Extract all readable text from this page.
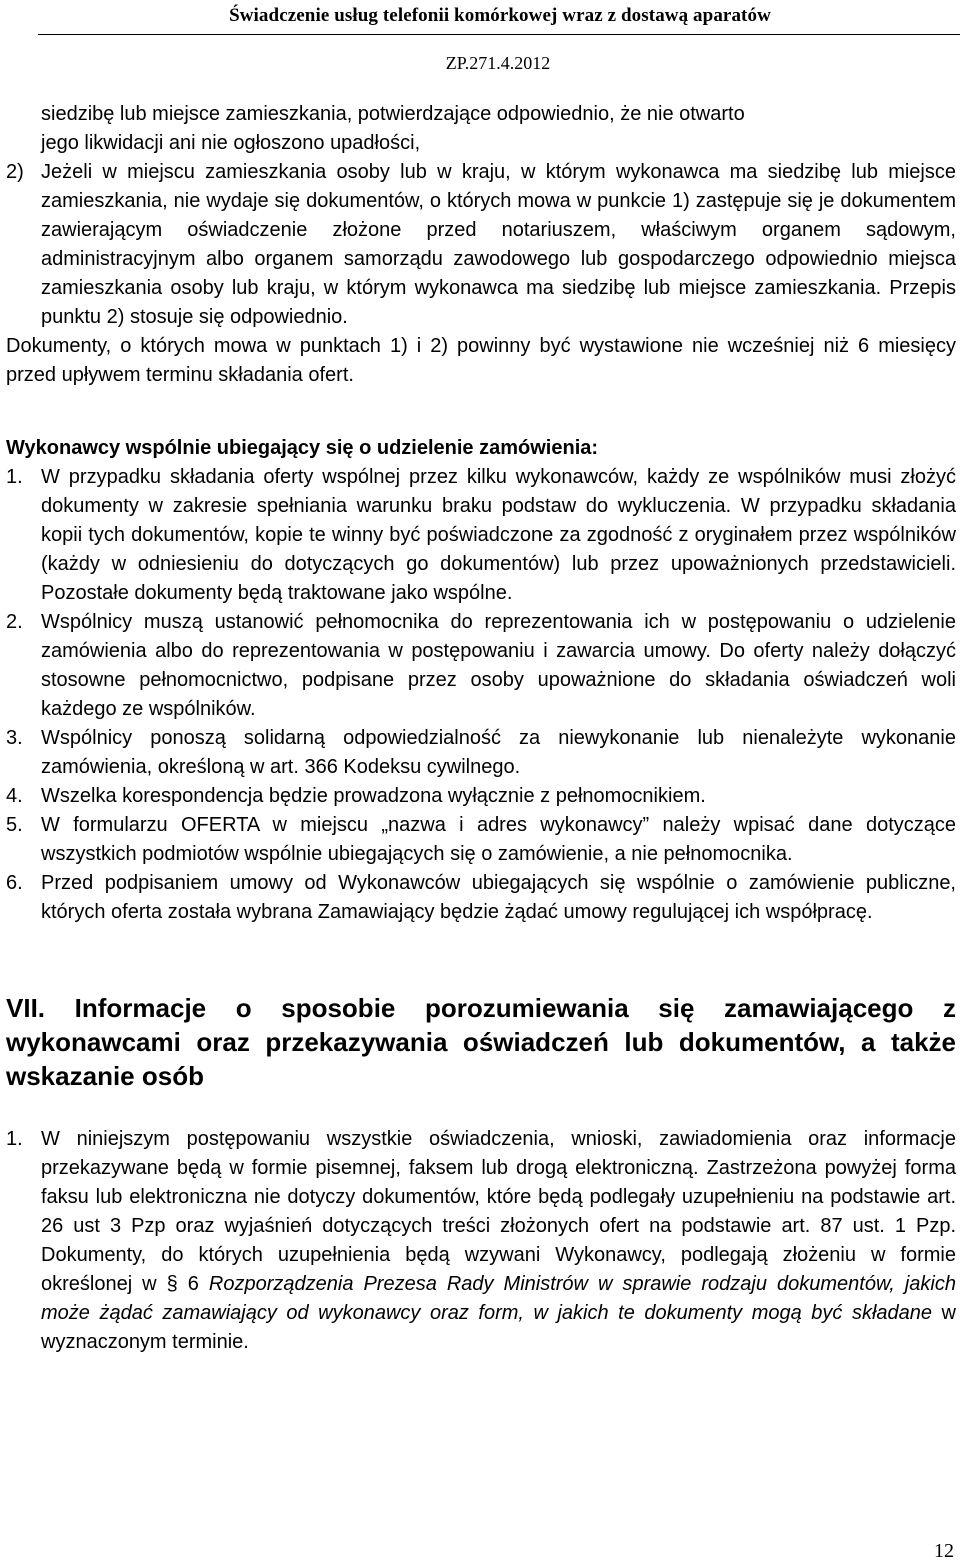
Świadczenie usług telefonii komórkowej wraz z dostawą aparatów
ZP.271.4.2012

siedzibę lub miejsce zamieszkania, potwierdzające odpowiednio, że nie otwarto

jego likwidacji ani nie ogłoszono upadłości,

2) Jeżeli w miejscu zamieszkania osoby lub w kraju, w którym wykonawca ma siedzibę lub miejsce zamieszkania, nie wydaje się dokumentów, o których mowa w punkcie 1) zastępuje się je dokumentem zawierającym oświadczenie złożone przed notariuszem, właściwym organem sądowym, administracyjnym albo organem samorządu zawodowego lub gospodarczego odpowiednio miejsca zamieszkania osoby lub kraju, w którym wykonawca ma siedzibę lub miejsce zamieszkania. Przepis punktu 2) stosuje się odpowiednio.

Dokumenty, o których mowa w punktach 1) i 2) powinny być wystawione nie wcześniej niż 6 miesięcy przed upływem terminu składania ofert.

Wykonawcy wspólnie ubiegający się o udzielenie zamówienia:

1. W przypadku składania oferty wspólnej przez kilku wykonawców, każdy ze wspólników musi złożyć dokumenty w zakresie spełniania warunku braku podstaw do wykluczenia. W przypadku składania kopii tych dokumentów, kopie te winny być poświadczone za zgodność z oryginałem przez wspólników (każdy w odniesieniu do dotyczących go dokumentów) lub przez upoważnionych przedstawicieli. Pozostałe dokumenty będą traktowane jako wspólne.
2. Wspólnicy muszą ustanowić pełnomocnika do reprezentowania ich w postępowaniu o udzielenie zamówienia albo do reprezentowania w postępowaniu i zawarcia umowy. Do oferty należy dołączyć stosowne pełnomocnictwo, podpisane przez osoby upoważnione do składania oświadczeń woli każdego ze wspólników.
3. Wspólnicy ponoszą solidarną odpowiedzialność za niewykonanie lub nienależyte wykonanie zamówienia, określoną w art. 366 Kodeksu cywilnego.
4. Wszelka korespondencja będzie prowadzona wyłącznie z pełnomocnikiem.
5. W formularzu OFERTA w miejscu „nazwa i adres wykonawcy” należy wpisać dane dotyczące wszystkich podmiotów wspólnie ubiegających się o zamówienie, a nie pełnomocnika.
6. Przed podpisaniem umowy od Wykonawców ubiegających się wspólnie o zamówienie publiczne, których oferta została wybrana Zamawiający będzie żądać umowy regulującej ich współpracę.

VII. Informacje o sposobie porozumiewania się zamawiającego z wykonawcami oraz przekazywania oświadczeń lub dokumentów, a także wskazanie osób

1. W niniejszym postępowaniu wszystkie oświadczenia, wnioski, zawiadomienia oraz informacje przekazywane będą w formie pisemnej, faksem lub drogą elektroniczną. Zastrzeżona powyżej forma faksu lub elektroniczna nie dotyczy dokumentów, które będą podlegały uzupełnieniu na podstawie art. 26 ust 3 Pzp oraz wyjaśnień dotyczących treści złożonych ofert na podstawie art. 87 ust. 1 Pzp. Dokumenty, do których uzupełnienia będą wzywani Wykonawcy, podlegają złożeniu w formie określonej w § 6 Rozporządzenia Prezesa Rady Ministrów w sprawie rodzaju dokumentów, jakich może żądać zamawiający od wykonawcy oraz form, w jakich te dokumenty mogą być składane w wyznaczonym terminie.
12
